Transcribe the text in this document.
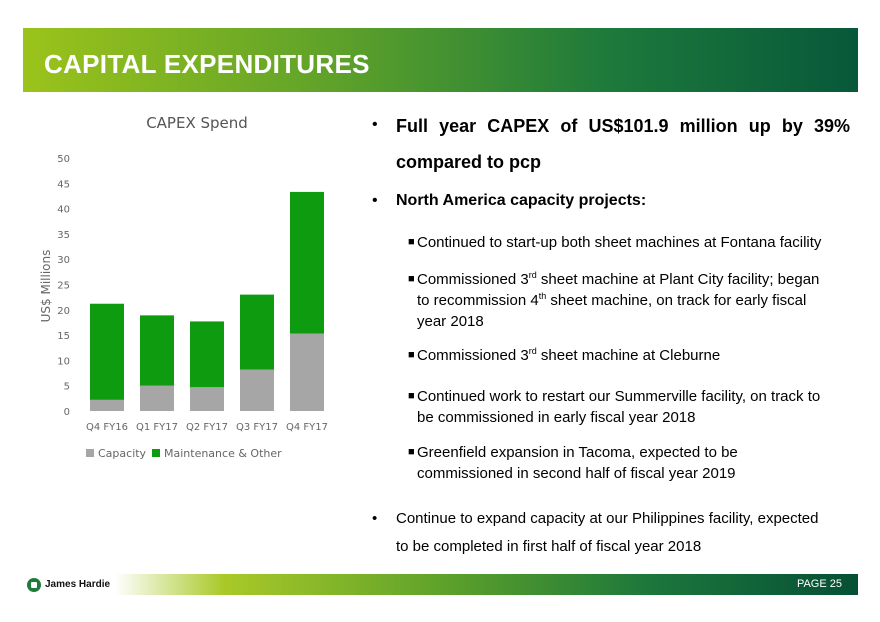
CAPITAL EXPENDITURES
CAPEX Spend
US$ Millions
0
5
10
15
20
25
30
35
40
45
50
Q4 FY16 Q1 FY17 Q2 FY17 Q3 FY17 Q4 FY17
Capacity Maintenance & Other
• Full year CAPEX of US$101.9 million up by 39%
compared to pcp
• North America capacity projects:
■ Continued to start-up both sheet machines at Fontana facility
■ Commissioned 3rd sheet machine at Plant City facility; began
to recommission 4th sheet machine, on track for early fiscal
year 2018
■ Commissioned 3rd sheet machine at Cleburne
■ Continued work to restart our Summerville facility, on track to
be commissioned in early fiscal year 2018
■ Greenfield expansion in Tacoma, expected to be
commissioned in second half of fiscal year 2019
• Continue to expand capacity at our Philippines facility, expected
to be completed in first half of fiscal year 2018
James Hardie	PAGE 25
